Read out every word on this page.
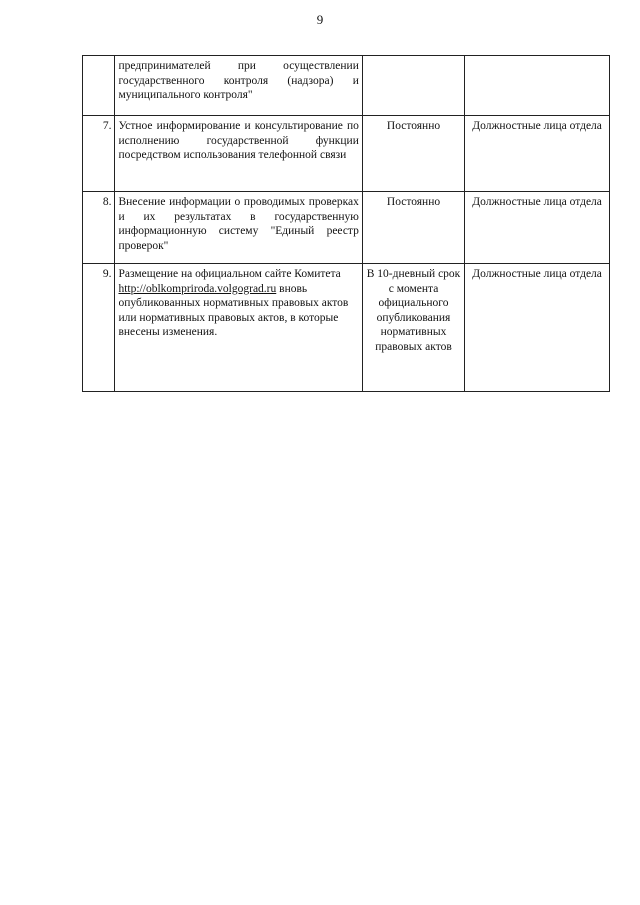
9
	предпринимателей при осуществлении государственного контроля (надзора) и муниципального контроля"		
7.	Устное информирование и консультирование по исполнению государственной функции посредством использования телефонной связи	Постоянно	Должностные лица отдела
8.	Внесение информации о проводимых проверках и их результатах в государственную информационную систему "Единый реестр проверок"	Постоянно	Должностные лица отдела
9.	Размещение на официальном сайте Комитета http://oblkompriroda.volgograd.ru вновь опубликованных нормативных правовых актов или нормативных правовых актов, в которые внесены изменения.	В 10-дневный срок с момента официального опубликования нормативных правовых актов	Должностные лица отдела
